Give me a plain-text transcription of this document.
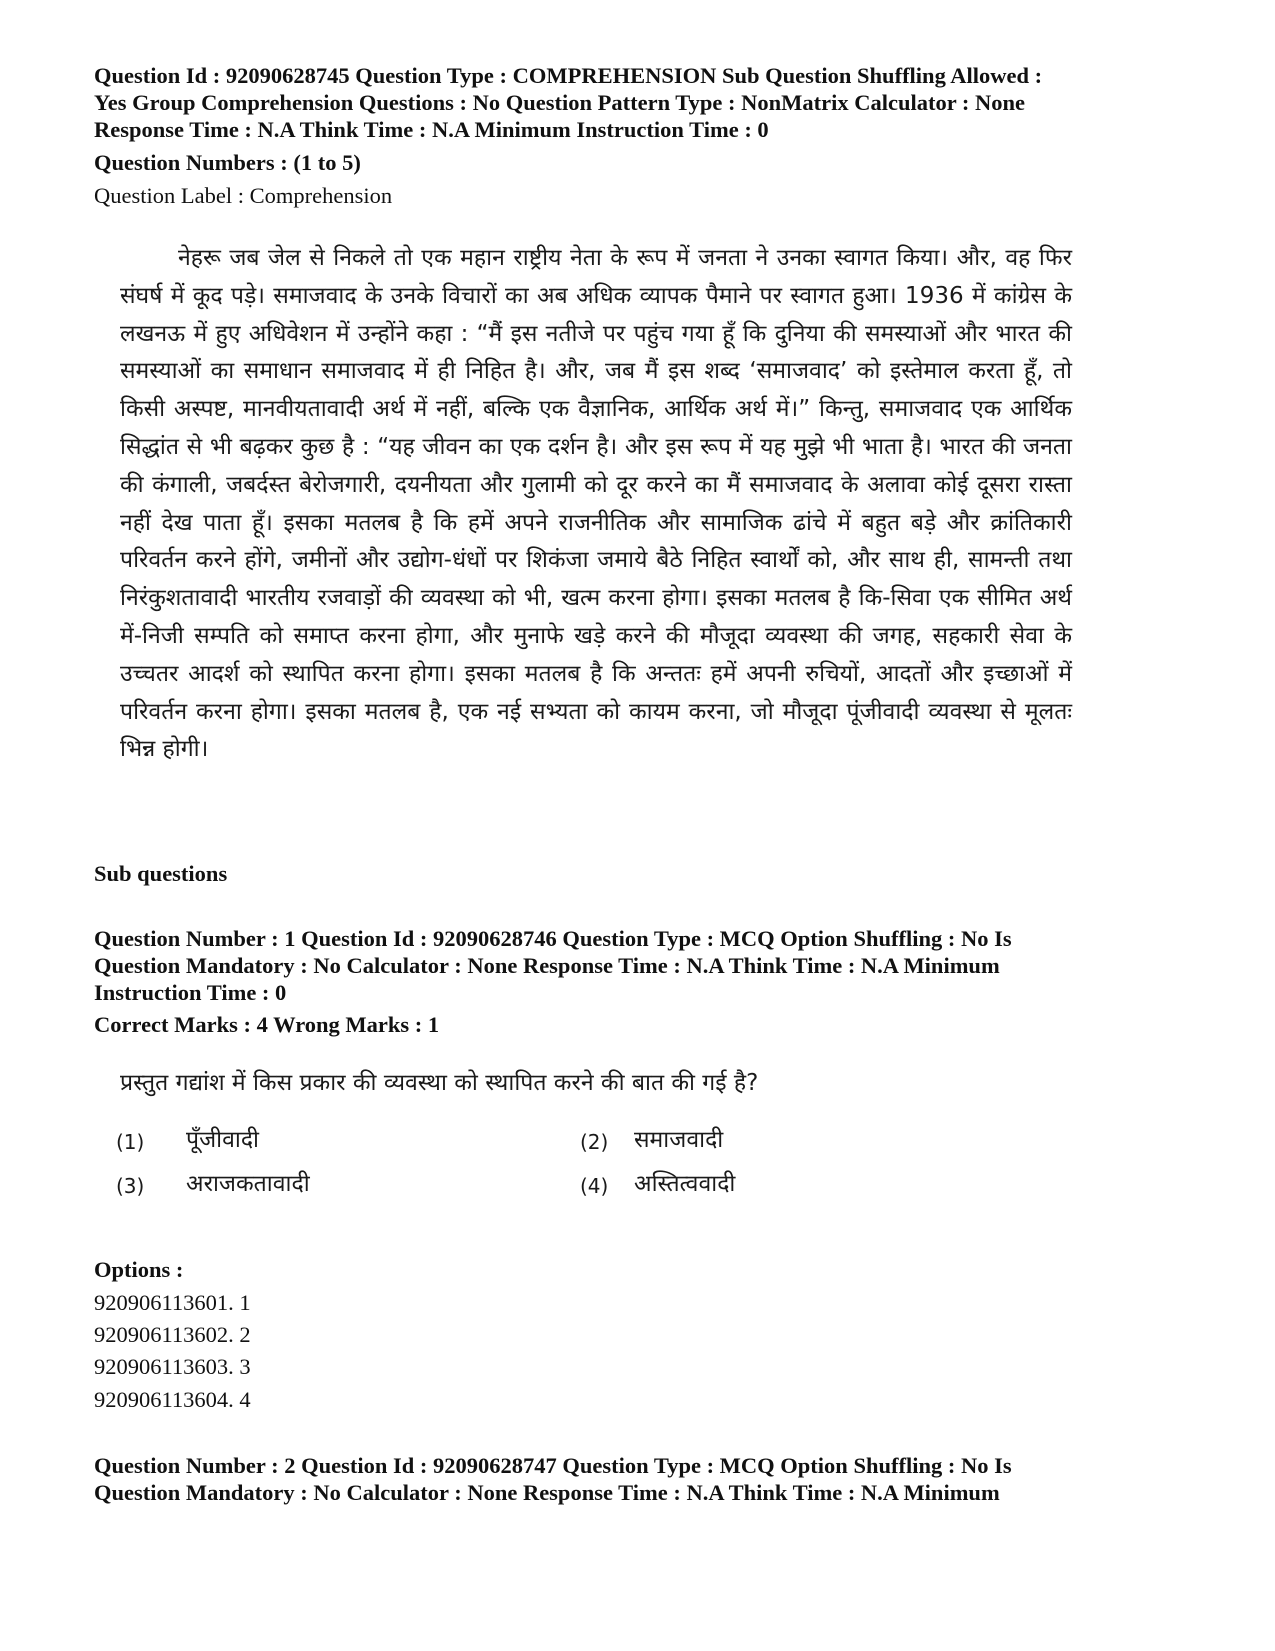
Question Id : 92090628745 Question Type : COMPREHENSION Sub Question Shuffling Allowed :

Yes Group Comprehension Questions : No Question Pattern Type : NonMatrix Calculator : None

Response Time : N.A Think Time : N.A Minimum Instruction Time : 0

Question Numbers : (1 to 5)

Question Label : Comprehension

नेहरू जब जेल से निकले तो एक महान राष्ट्रीय नेता के रूप में जनता ने उनका स्वागत किया। और, वह फिर संघर्ष में कूद पड़े। समाजवाद के उनके विचारों का अब अधिक व्यापक पैमाने पर स्वागत हुआ। 1936 में कांग्रेस के लखनऊ में हुए अधिवेशन में उन्होंने कहा : “मैं इस नतीजे पर पहुंच गया हूँ कि दुनिया की समस्याओं और भारत की समस्याओं का समाधान समाजवाद में ही निहित है। और, जब मैं इस शब्द ‘समाजवाद’ को इस्तेमाल करता हूँ, तो किसी अस्पष्ट, मानवीयतावादी अर्थ में नहीं, बल्कि एक वैज्ञानिक, आर्थिक अर्थ में।” किन्तु, समाजवाद एक आर्थिक सिद्धांत से भी बढ़कर कुछ है : “यह जीवन का एक दर्शन है। और इस रूप में यह मुझे भी भाता है। भारत की जनता की कंगाली, जबर्दस्त बेरोजगारी, दयनीयता और गुलामी को दूर करने का मैं समाजवाद के अलावा कोई दूसरा रास्ता नहीं देख पाता हूँ। इसका मतलब है कि हमें अपने राजनीतिक और सामाजिक ढांचे में बहुत बड़े और क्रांतिकारी परिवर्तन करने होंगे, जमीनों और उद्योग-धंधों पर शिकंजा जमाये बैठे निहित स्वार्थों को, और साथ ही, सामन्ती तथा निरंकुशतावादी भारतीय रजवाड़ों की व्यवस्था को भी, खत्म करना होगा। इसका मतलब है कि-सिवा एक सीमित अर्थ में-निजी सम्पति को समाप्त करना होगा, और मुनाफे खड़े करने की मौजूदा व्यवस्था की जगह, सहकारी सेवा के उच्चतर आदर्श को स्थापित करना होगा। इसका मतलब है कि अन्ततः हमें अपनी रुचियों, आदतों और इच्छाओं में परिवर्तन करना होगा। इसका मतलब है, एक नई सभ्यता को कायम करना, जो मौजूदा पूंजीवादी व्यवस्था से मूलतः भिन्न होगी।

Sub questions

Question Number : 1 Question Id : 92090628746 Question Type : MCQ Option Shuffling : No Is

Question Mandatory : No Calculator : None Response Time : N.A Think Time : N.A Minimum

Instruction Time : 0

Correct Marks : 4 Wrong Marks : 1

प्रस्तुत गद्यांश में किस प्रकार की व्यवस्था को स्थापित करने की बात की गई है?

(1) पूँजीवादी	(2) समाजवादी
(3) अराजकतावादी	(4) अस्तित्ववादी

Options :

920906113601. 1

920906113602. 2

920906113603. 3

920906113604. 4

Question Number : 2 Question Id : 92090628747 Question Type : MCQ Option Shuffling : No Is

Question Mandatory : No Calculator : None Response Time : N.A Think Time : N.A Minimum
